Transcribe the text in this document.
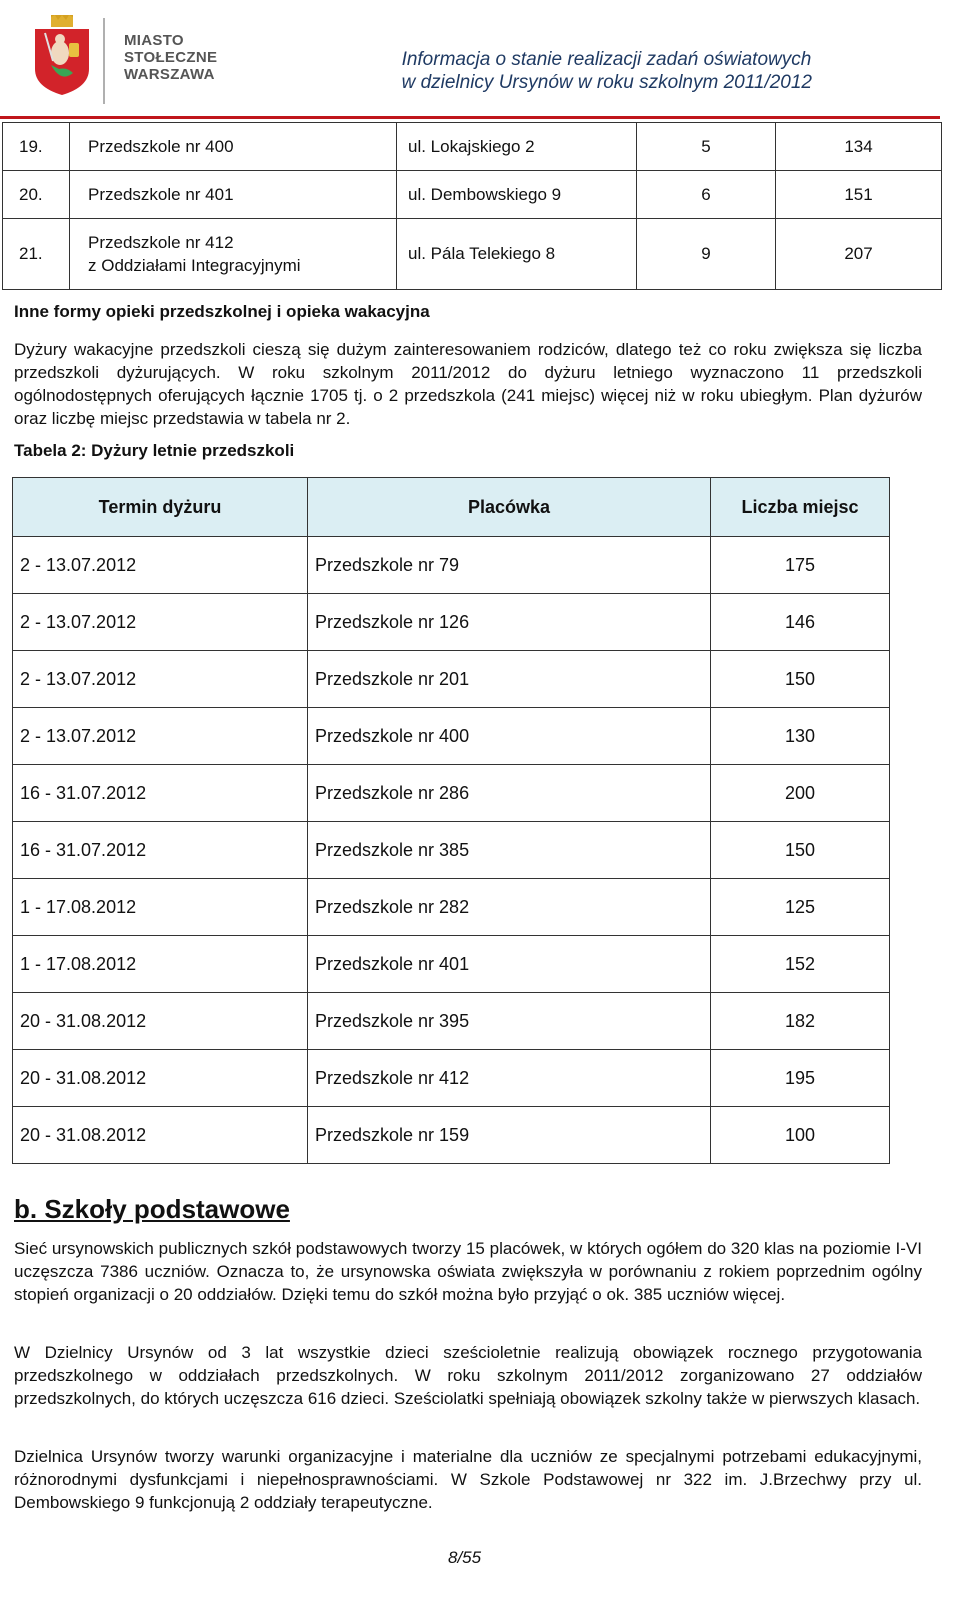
MIASTO
STOŁECZNE
WARSZAWA
Informacja o stanie realizacji zadań oświatowych
w dzielnicy Ursynów w roku szkolnym 2011/2012
19.	Przedszkole nr 400	ul. Lokajskiego 2	5	134
20.	Przedszkole nr 401	ul. Dembowskiego 9	6	151
21.	Przedszkole nr 412
z Oddziałami Integracyjnymi	ul. Pála Telekiego 8	9	207
Inne formy opieki przedszkolnej i opieka wakacyjna
Dyżury wakacyjne przedszkoli cieszą się dużym zainteresowaniem rodziców, dlatego też co roku zwiększa się liczba przedszkoli dyżurujących. W roku szkolnym 2011/2012 do dyżuru letniego wyznaczono 11 przedszkoli ogólnodostępnych oferujących łącznie 1705 tj. o 2 przedszkola (241 miejsc) więcej niż w roku ubiegłym. Plan dyżurów oraz liczbę miejsc przedstawia w tabela nr 2.
Tabela 2: Dyżury letnie przedszkoli
Termin dyżuru	Placówka	Liczba miejsc
2 - 13.07.2012	Przedszkole nr 79	175
2 - 13.07.2012	Przedszkole nr 126	146
2 - 13.07.2012	Przedszkole nr 201	150
2 - 13.07.2012	Przedszkole nr 400	130
16 - 31.07.2012	Przedszkole nr 286	200
16 - 31.07.2012	Przedszkole nr 385	150
1 - 17.08.2012	Przedszkole nr 282	125
1 - 17.08.2012	Przedszkole nr 401	152
20 - 31.08.2012	Przedszkole nr 395	182
20 - 31.08.2012	Przedszkole nr 412	195
20 - 31.08.2012	Przedszkole nr 159	100
b. Szkoły podstawowe
Sieć ursynowskich publicznych szkół podstawowych tworzy 15 placówek, w których ogółem do 320 klas na poziomie I-VI uczęszcza 7386 uczniów. Oznacza to, że ursynowska oświata zwiększyła w porównaniu z rokiem poprzednim ogólny stopień organizacji o 20 oddziałów. Dzięki temu do szkół można było przyjąć o ok. 385 uczniów więcej.
W Dzielnicy Ursynów od 3 lat wszystkie dzieci sześcioletnie realizują obowiązek rocznego przygotowania przedszkolnego w oddziałach przedszkolnych. W roku szkolnym 2011/2012 zorganizowano 27 oddziałów przedszkolnych, do których uczęszcza 616 dzieci. Sześciolatki spełniają obowiązek szkolny także w pierwszych klasach.
Dzielnica Ursynów tworzy warunki organizacyjne i materialne dla uczniów ze specjalnymi potrzebami edukacyjnymi, różnorodnymi dysfunkcjami i niepełnosprawnościami. W Szkole Podstawowej nr 322 im. J.Brzechwy przy ul. Dembowskiego 9 funkcjonują 2 oddziały terapeutyczne.
8/55
